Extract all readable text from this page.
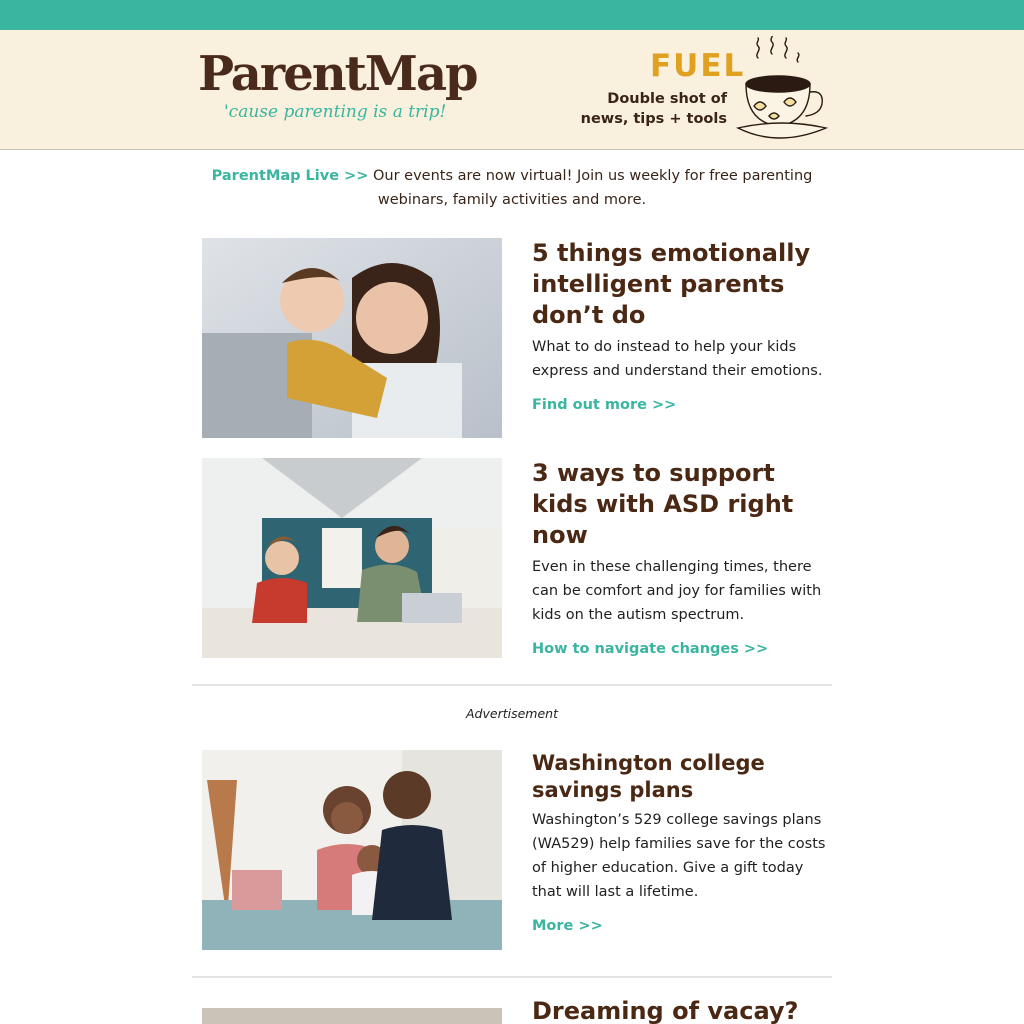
ParentMap
'cause parenting is a trip!
FUEL
Double shot of
news, tips + tools
ParentMap Live >> Our events are now virtual! Join us weekly for free parenting webinars, family activities and more.
5 things emotionally intelligent parents don’t do
What to do instead to help your kids express and understand their emotions.
Find out more >>
3 ways to support kids with ASD right now
Even in these challenging times, there can be comfort and joy for families with kids on the autism spectrum.
How to navigate changes >>
Advertisement
Washington college savings plans
Washington’s 529 college savings plans (WA529) help families save for the costs of higher education. Give a gift today that will last a lifetime.
More >>
Dreaming of vacay?
